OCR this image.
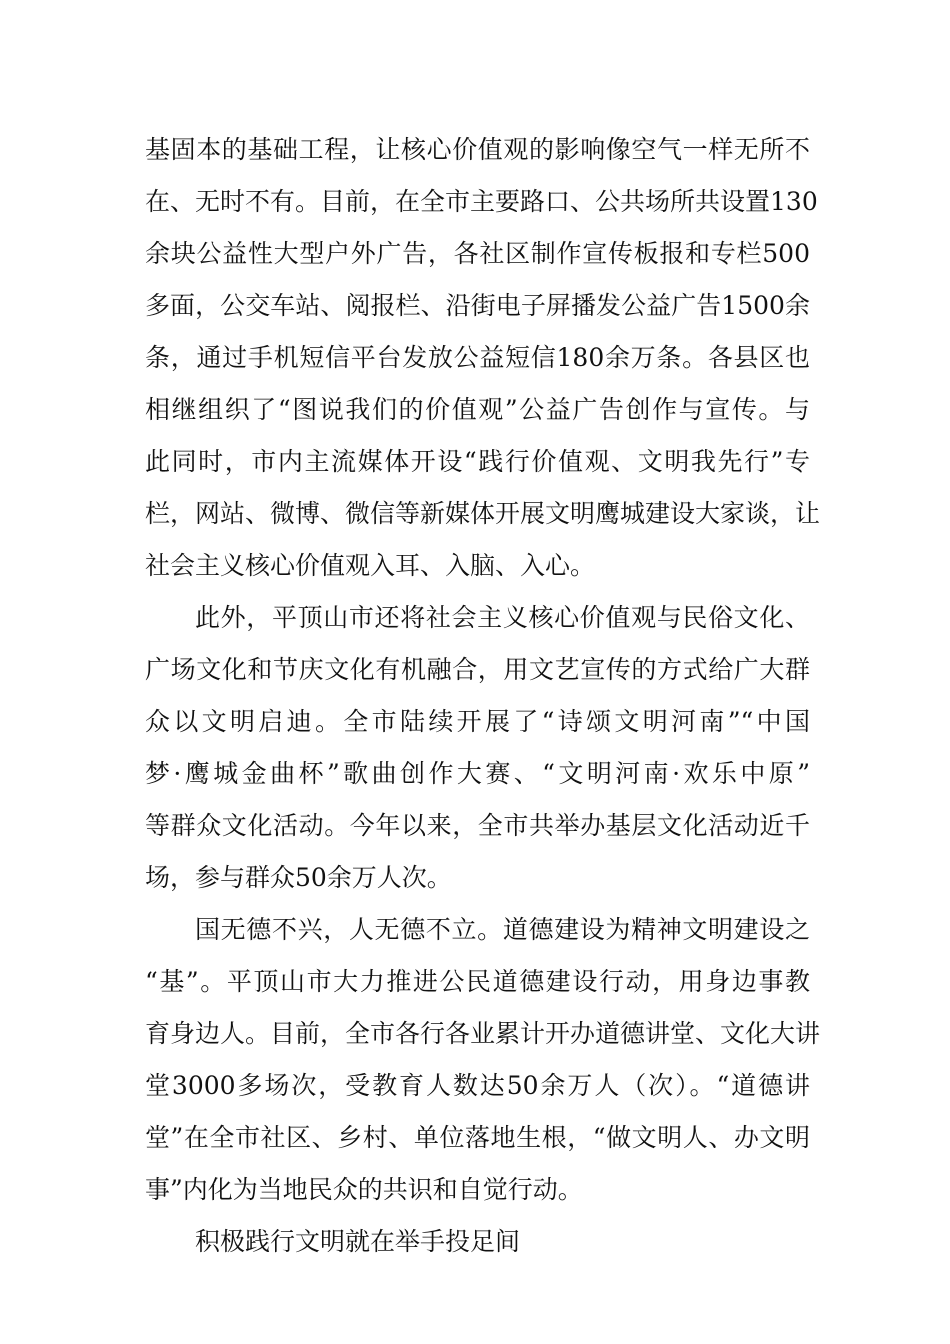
基固本的基础工程，让核心价值观的影响像空气一样无所不
在、无时不有。目前，在全市主要路口、公共场所共设置130
余块公益性大型户外广告，各社区制作宣传板报和专栏500
多面，公交车站、阅报栏、沿街电子屏播发公益广告1500余
条，通过手机短信平台发放公益短信180余万条。各县区也
相继组织了“图说我们的价值观”公益广告创作与宣传。与
此同时，市内主流媒体开设“践行价值观、文明我先行”专
栏，网站、微博、微信等新媒体开展文明鹰城建设大家谈，让
社会主义核心价值观入耳、入脑、入心。
此外，平顶山市还将社会主义核心价值观与民俗文化、
广场文化和节庆文化有机融合，用文艺宣传的方式给广大群
众以文明启迪。全市陆续开展了“诗颂文明河南”“中国
梦·鹰城金曲杯”歌曲创作大赛、“文明河南·欢乐中原”
等群众文化活动。今年以来，全市共举办基层文化活动近千
场，参与群众50余万人次。
国无德不兴，人无德不立。道德建设为精神文明建设之
“基”。平顶山市大力推进公民道德建设行动，用身边事教
育身边人。目前，全市各行各业累计开办道德讲堂、文化大讲
堂3000多场次，受教育人数达50余万人（次）。“道德讲
堂”在全市社区、乡村、单位落地生根，“做文明人、办文明
事”内化为当地民众的共识和自觉行动。
积极践行文明就在举手投足间
